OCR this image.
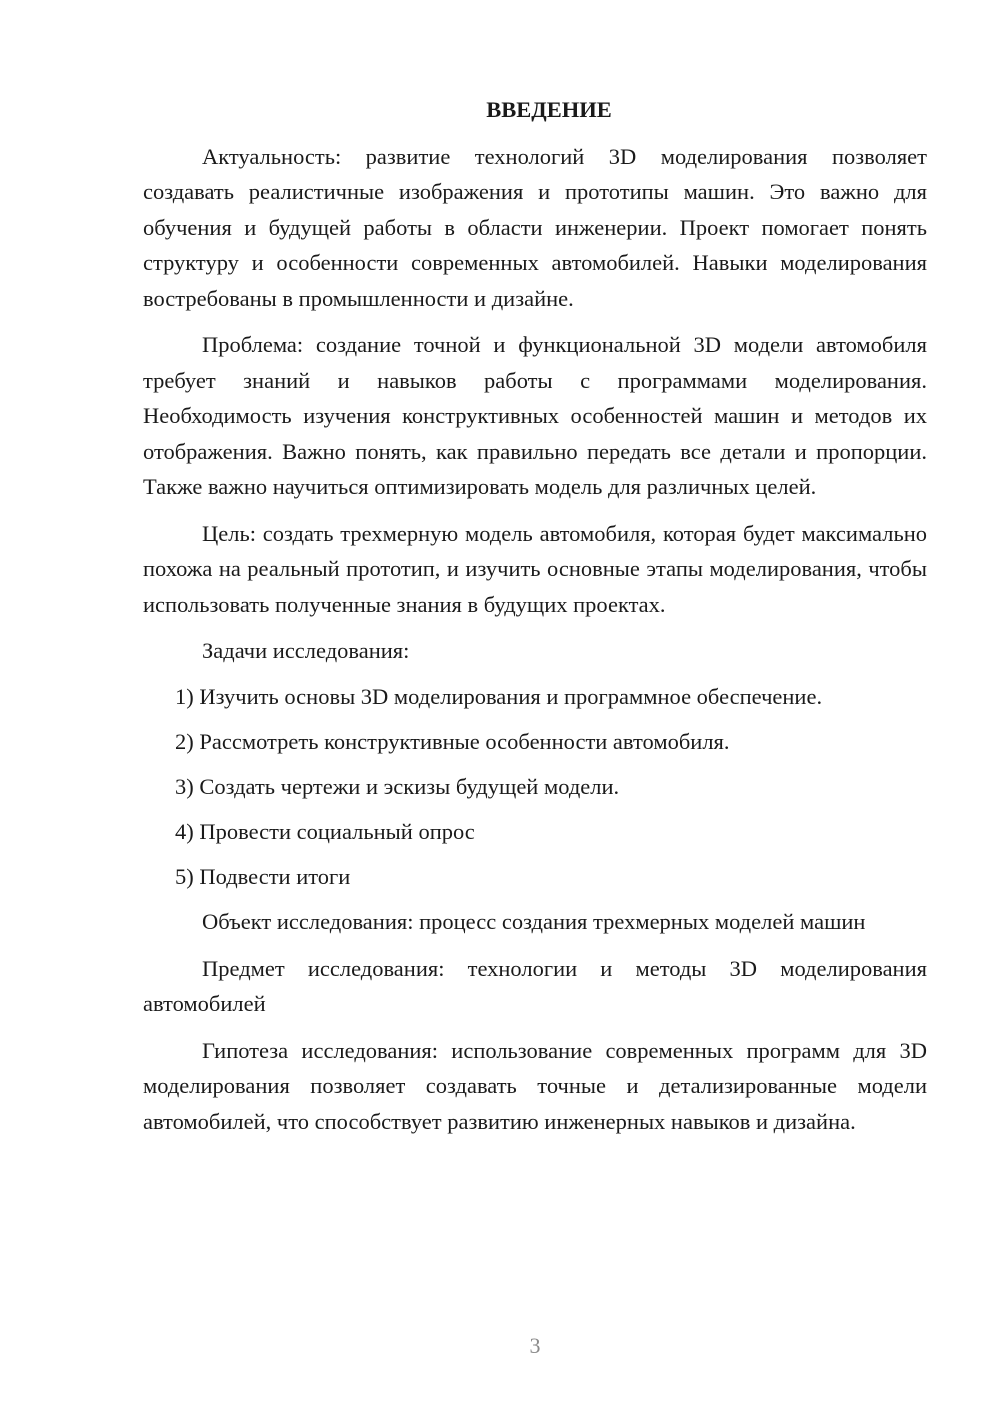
ВВЕДЕНИЕ

Актуальность: развитие технологий 3D моделирования позволяет создавать реалистичные изображения и прототипы машин. Это важно для обучения и будущей работы в области инженерии. Проект помогает понять структуру и особенности современных автомобилей. Навыки моделирования востребованы в промышленности и дизайне.

Проблема: создание точной и функциональной 3D модели автомобиля требует знаний и навыков работы с программами моделирования. Необходимость изучения конструктивных особенностей машин и методов их отображения. Важно понять, как правильно передать все детали и пропорции. Также важно научиться оптимизировать модель для различных целей.

Цель: создать трехмерную модель автомобиля, которая будет максимально похожа на реальный прототип, и изучить основные этапы моделирования, чтобы использовать полученные знания в будущих проектах.

Задачи исследования:

1) Изучить основы 3D моделирования и программное обеспечение.
2) Рассмотреть конструктивные особенности автомобиля.
3) Создать чертежи и эскизы будущей модели.
4) Провести социальный опрос
5) Подвести итоги

Объект исследования: процесс создания трехмерных моделей машин

Предмет исследования: технологии и методы 3D моделирования автомобилей

Гипотеза исследования: использование современных программ для 3D моделирования позволяет создавать точные и детализированные модели автомобилей, что способствует развитию инженерных навыков и дизайна.

3
